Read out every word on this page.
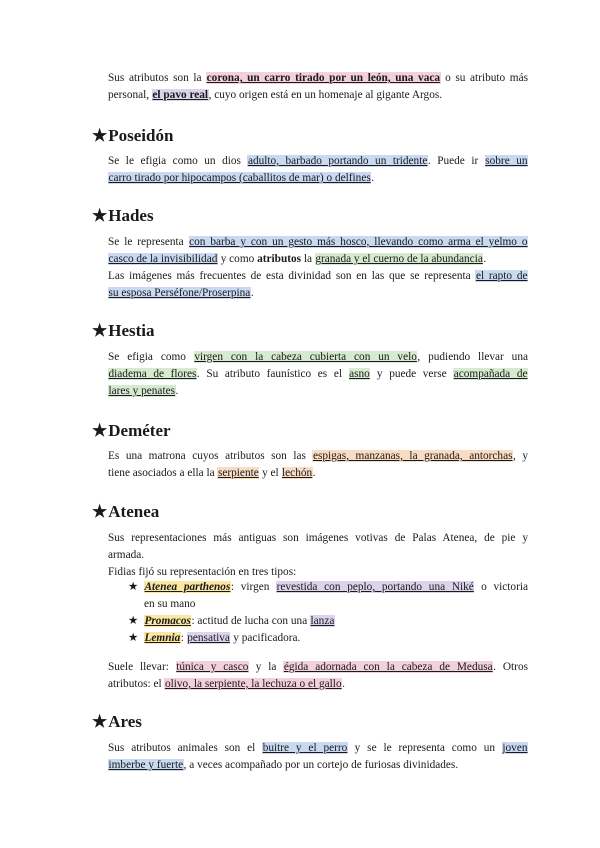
Sus atributos son la corona, un carro tirado por un león, una vaca o su atributo más
personal, el pavo real, cuyo origen está en un homenaje al gigante Argos.

★Poseidón

Se le efigia como un dios adulto, barbado portando un tridente. Puede ir sobre un
carro tirado por hipocampos (caballitos de mar) o delfines.

★Hades

Se le representa con barba y con un gesto más hosco, llevando como arma el yelmo o
casco de la invisibilidad y como atributos la granada y el cuerno de la abundancia.
Las imágenes más frecuentes de esta divinidad son en las que se representa el rapto de
su esposa Perséfone/Proserpina.

★Hestia

Se efigia como virgen con la cabeza cubierta con un velo, pudiendo llevar una
diadema de flores. Su atributo faunístico es el asno y puede verse acompañada de
lares y penates.

★Deméter

Es una matrona cuyos atributos son las espigas, manzanas, la granada, antorchas, y
tiene asociados a ella la serpiente y el lechón.

★Atenea

Sus representaciones más antiguas son imágenes votivas de Palas Atenea, de pie y
armada.
Fidias fijó su representación en tres tipos:

★ Atenea parthenos: virgen revestida con peplo, portando una Niké o victoria
en su mano
★ Promacos: actitud de lucha con una lanza
★ Lemnia: pensativa y pacificadora.

Suele llevar: túnica y casco y la égida adornada con la cabeza de Medusa. Otros
atributos: el olivo, la serpiente, la lechuza o el gallo.

★Ares

Sus atributos animales son el buitre y el perro y se le representa como un joven
imberbe y fuerte, a veces acompañado por un cortejo de furiosas divinidades.
